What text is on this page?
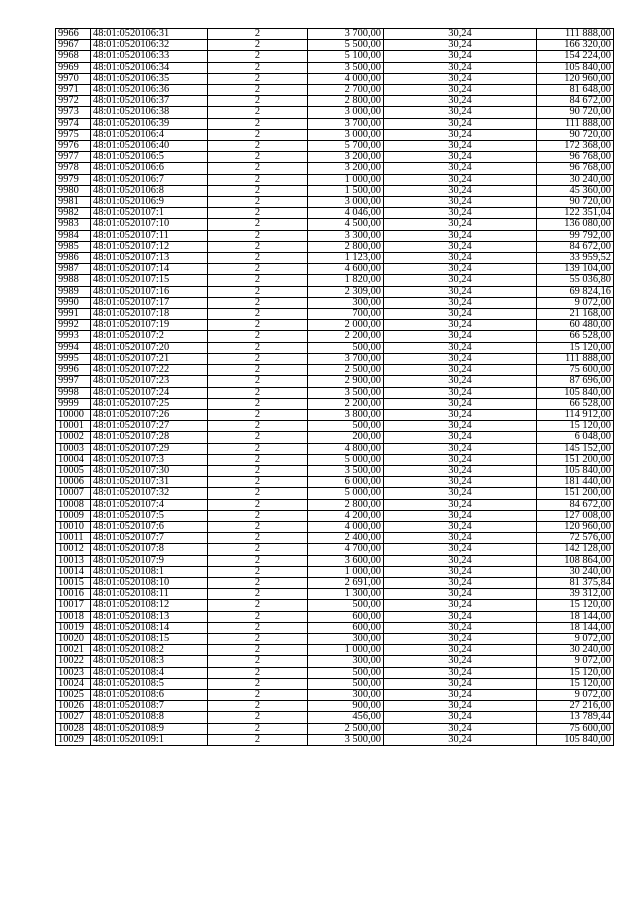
9966	48:01:0520106:31	2	3 700,00	30,24	111 888,00
9967	48:01:0520106:32	2	5 500,00	30,24	166 320,00
9968	48:01:0520106:33	2	5 100,00	30,24	154 224,00
9969	48:01:0520106:34	2	3 500,00	30,24	105 840,00
9970	48:01:0520106:35	2	4 000,00	30,24	120 960,00
9971	48:01:0520106:36	2	2 700,00	30,24	81 648,00
9972	48:01:0520106:37	2	2 800,00	30,24	84 672,00
9973	48:01:0520106:38	2	3 000,00	30,24	90 720,00
9974	48:01:0520106:39	2	3 700,00	30,24	111 888,00
9975	48:01:0520106:4	2	3 000,00	30,24	90 720,00
9976	48:01:0520106:40	2	5 700,00	30,24	172 368,00
9977	48:01:0520106:5	2	3 200,00	30,24	96 768,00
9978	48:01:0520106:6	2	3 200,00	30,24	96 768,00
9979	48:01:0520106:7	2	1 000,00	30,24	30 240,00
9980	48:01:0520106:8	2	1 500,00	30,24	45 360,00
9981	48:01:0520106:9	2	3 000,00	30,24	90 720,00
9982	48:01:0520107:1	2	4 046,00	30,24	122 351,04
9983	48:01:0520107:10	2	4 500,00	30,24	136 080,00
9984	48:01:0520107:11	2	3 300,00	30,24	99 792,00
9985	48:01:0520107:12	2	2 800,00	30,24	84 672,00
9986	48:01:0520107:13	2	1 123,00	30,24	33 959,52
9987	48:01:0520107:14	2	4 600,00	30,24	139 104,00
9988	48:01:0520107:15	2	1 820,00	30,24	55 036,80
9989	48:01:0520107:16	2	2 309,00	30,24	69 824,16
9990	48:01:0520107:17	2	300,00	30,24	9 072,00
9991	48:01:0520107:18	2	700,00	30,24	21 168,00
9992	48:01:0520107:19	2	2 000,00	30,24	60 480,00
9993	48:01:0520107:2	2	2 200,00	30,24	66 528,00
9994	48:01:0520107:20	2	500,00	30,24	15 120,00
9995	48:01:0520107:21	2	3 700,00	30,24	111 888,00
9996	48:01:0520107:22	2	2 500,00	30,24	75 600,00
9997	48:01:0520107:23	2	2 900,00	30,24	87 696,00
9998	48:01:0520107:24	2	3 500,00	30,24	105 840,00
9999	48:01:0520107:25	2	2 200,00	30,24	66 528,00
10000	48:01:0520107:26	2	3 800,00	30,24	114 912,00
10001	48:01:0520107:27	2	500,00	30,24	15 120,00
10002	48:01:0520107:28	2	200,00	30,24	6 048,00
10003	48:01:0520107:29	2	4 800,00	30,24	145 152,00
10004	48:01:0520107:3	2	5 000,00	30,24	151 200,00
10005	48:01:0520107:30	2	3 500,00	30,24	105 840,00
10006	48:01:0520107:31	2	6 000,00	30,24	181 440,00
10007	48:01:0520107:32	2	5 000,00	30,24	151 200,00
10008	48:01:0520107:4	2	2 800,00	30,24	84 672,00
10009	48:01:0520107:5	2	4 200,00	30,24	127 008,00
10010	48:01:0520107:6	2	4 000,00	30,24	120 960,00
10011	48:01:0520107:7	2	2 400,00	30,24	72 576,00
10012	48:01:0520107:8	2	4 700,00	30,24	142 128,00
10013	48:01:0520107:9	2	3 600,00	30,24	108 864,00
10014	48:01:0520108:1	2	1 000,00	30,24	30 240,00
10015	48:01:0520108:10	2	2 691,00	30,24	81 375,84
10016	48:01:0520108:11	2	1 300,00	30,24	39 312,00
10017	48:01:0520108:12	2	500,00	30,24	15 120,00
10018	48:01:0520108:13	2	600,00	30,24	18 144,00
10019	48:01:0520108:14	2	600,00	30,24	18 144,00
10020	48:01:0520108:15	2	300,00	30,24	9 072,00
10021	48:01:0520108:2	2	1 000,00	30,24	30 240,00
10022	48:01:0520108:3	2	300,00	30,24	9 072,00
10023	48:01:0520108:4	2	500,00	30,24	15 120,00
10024	48:01:0520108:5	2	500,00	30,24	15 120,00
10025	48:01:0520108:6	2	300,00	30,24	9 072,00
10026	48:01:0520108:7	2	900,00	30,24	27 216,00
10027	48:01:0520108:8	2	456,00	30,24	13 789,44
10028	48:01:0520108:9	2	2 500,00	30,24	75 600,00
10029	48:01:0520109:1	2	3 500,00	30,24	105 840,00
